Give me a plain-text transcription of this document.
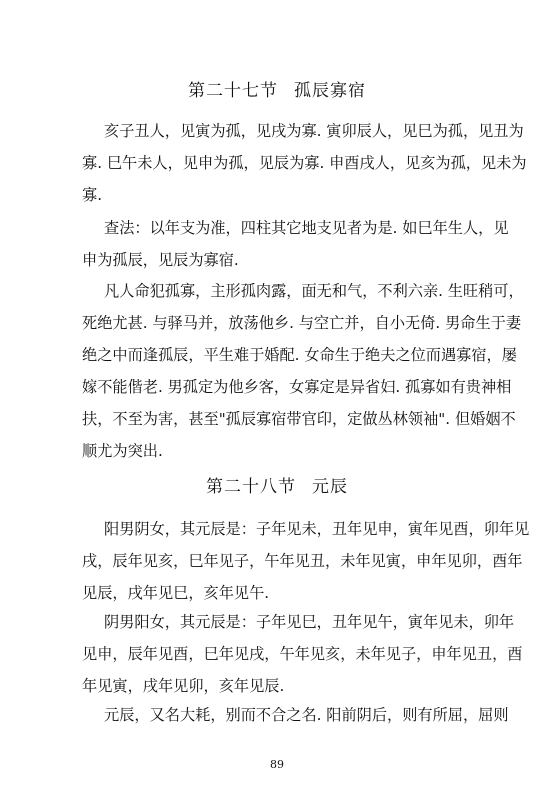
第二十七节 孤辰寡宿
亥子丑人，见寅为孤，见戌为寡. 寅卯辰人，见巳为孤，见丑为
寡. 巳午未人，见申为孤，见辰为寡. 申酉戌人，见亥为孤，见未为
寡.
查法：以年支为准，四柱其它地支见者为是. 如巳年生人，见
申为孤辰，见辰为寡宿.
凡人命犯孤寡，主形孤肉露，面无和气，不利六亲. 生旺稍可，
死绝尤甚. 与驿马并，放荡他乡. 与空亡并，自小无倚. 男命生于妻
绝之中而逢孤辰，平生难于婚配. 女命生于绝夫之位而遇寡宿，屡
嫁不能偕老. 男孤定为他乡客，女寡定是异省妇. 孤寡如有贵神相
扶，不至为害，甚至"孤辰寡宿带官印，定做丛林领袖". 但婚姻不
顺尤为突出.
第二十八节 元辰
阳男阴女，其元辰是：子年见未，丑年见申，寅年见酉，卯年见
戌，辰年见亥，巳年见子，午年见丑，未年见寅，申年见卯，酉年
见辰，戌年见巳，亥年见午.
阴男阳女，其元辰是：子年见巳，丑年见午，寅年见未，卯年
见申，辰年见酉，巳年见戌，午年见亥，未年见子，申年见丑，酉
年见寅，戌年见卯，亥年见辰.
元辰，又名大耗，别而不合之名. 阳前阴后，则有所屈，屈则
89
